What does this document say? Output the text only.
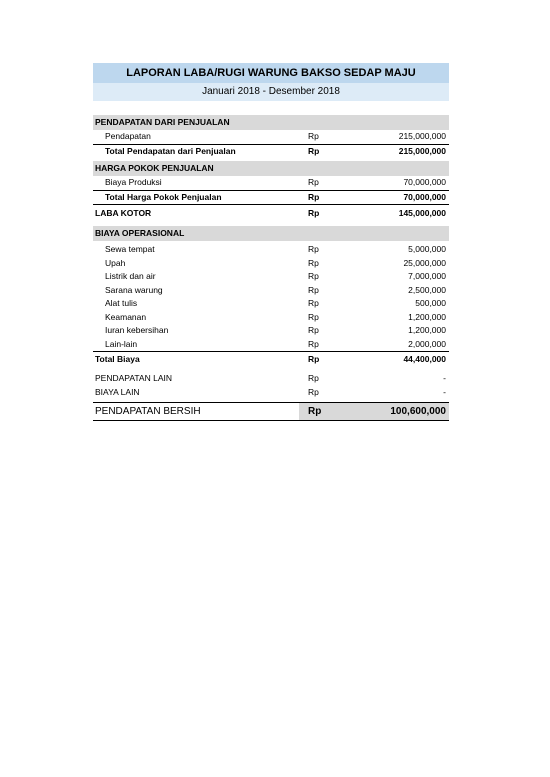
LAPORAN LABA/RUGI WARUNG BAKSO SEDAP MAJU
Januari 2018 - Desember 2018
PENDAPATAN DARI PENJUALAN
Pendapatan	Rp	215,000,000
Total Pendapatan dari Penjualan	Rp	215,000,000
HARGA POKOK PENJUALAN
Biaya Produksi	Rp	70,000,000
Total Harga Pokok Penjualan	Rp	70,000,000
LABA KOTOR	Rp	145,000,000
BIAYA OPERASIONAL
Sewa tempat	Rp	5,000,000
Upah	Rp	25,000,000
Listrik dan air	Rp	7,000,000
Sarana warung	Rp	2,500,000
Alat tulis	Rp	500,000
Keamanan	Rp	1,200,000
Iuran kebersihan	Rp	1,200,000
Lain-lain	Rp	2,000,000
Total Biaya	Rp	44,400,000
PENDAPATAN LAIN	Rp	-
BIAYA LAIN	Rp	-
PENDAPATAN BERSIH	Rp	100,600,000
